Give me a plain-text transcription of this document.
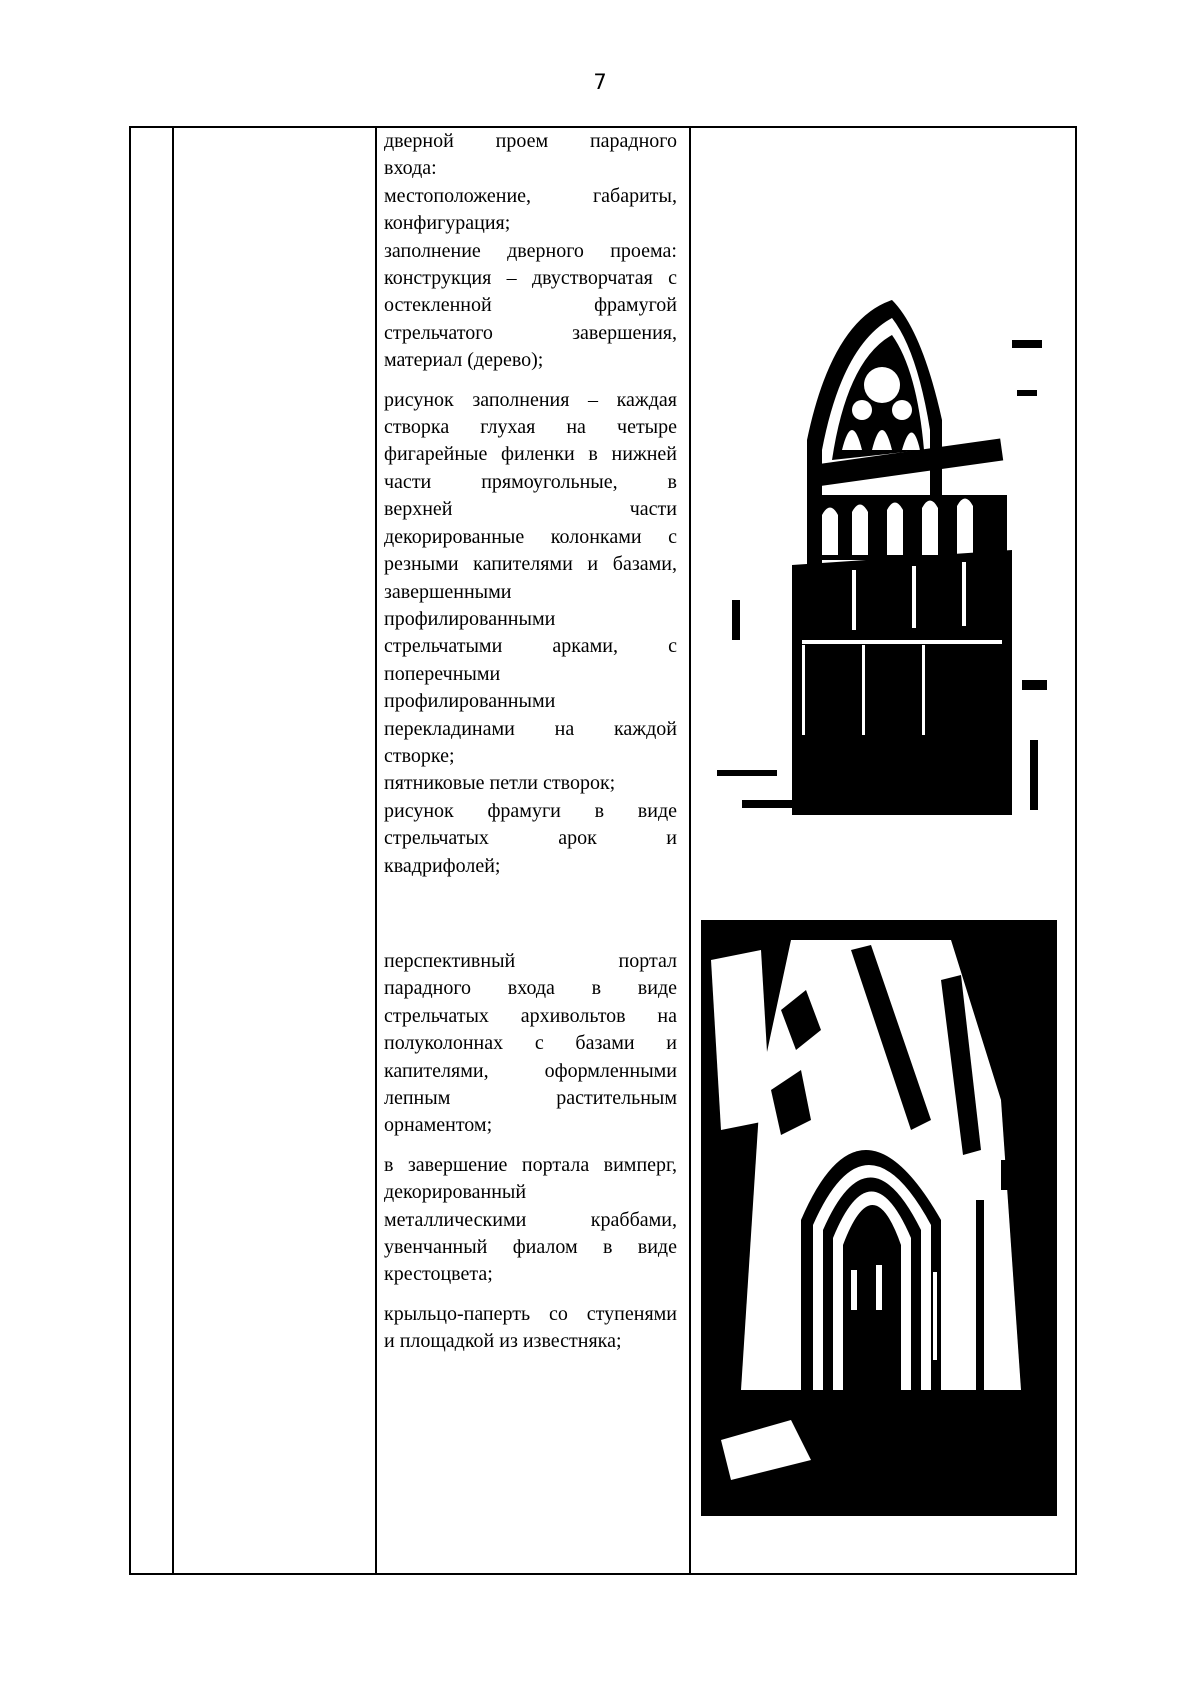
7

дверной проем парадного

входа:

местоположение, габариты,

конфигурация;

заполнение дверного проема:

конструкция – двустворчатая с

остекленной фрамугой

стрельчатого завершения,

материал (дерево);

рисунок заполнения – каждая

створка глухая на четыре

фигарейные филенки в нижней

части прямоугольные, в

верхней части

декорированные колонками с

резными капителями и базами,

завершенными

профилированными

стрельчатыми арками, с

поперечными

профилированными

перекладинами на каждой

створке;

пятниковые петли створок;

рисунок фрамуги в виде

стрельчатых арок и

квадрифолей;

перспективный портал

парадного входа в виде

стрельчатых архивольтов на

полуколоннах с базами и

капителями, оформленными

лепным растительным

орнаментом;

в завершение портала вимперг,

декорированный

металлическими краббами,

увенчанный фиалом в виде

крестоцвета;

крыльцо-паперть со ступенями

и площадкой из известняка;
